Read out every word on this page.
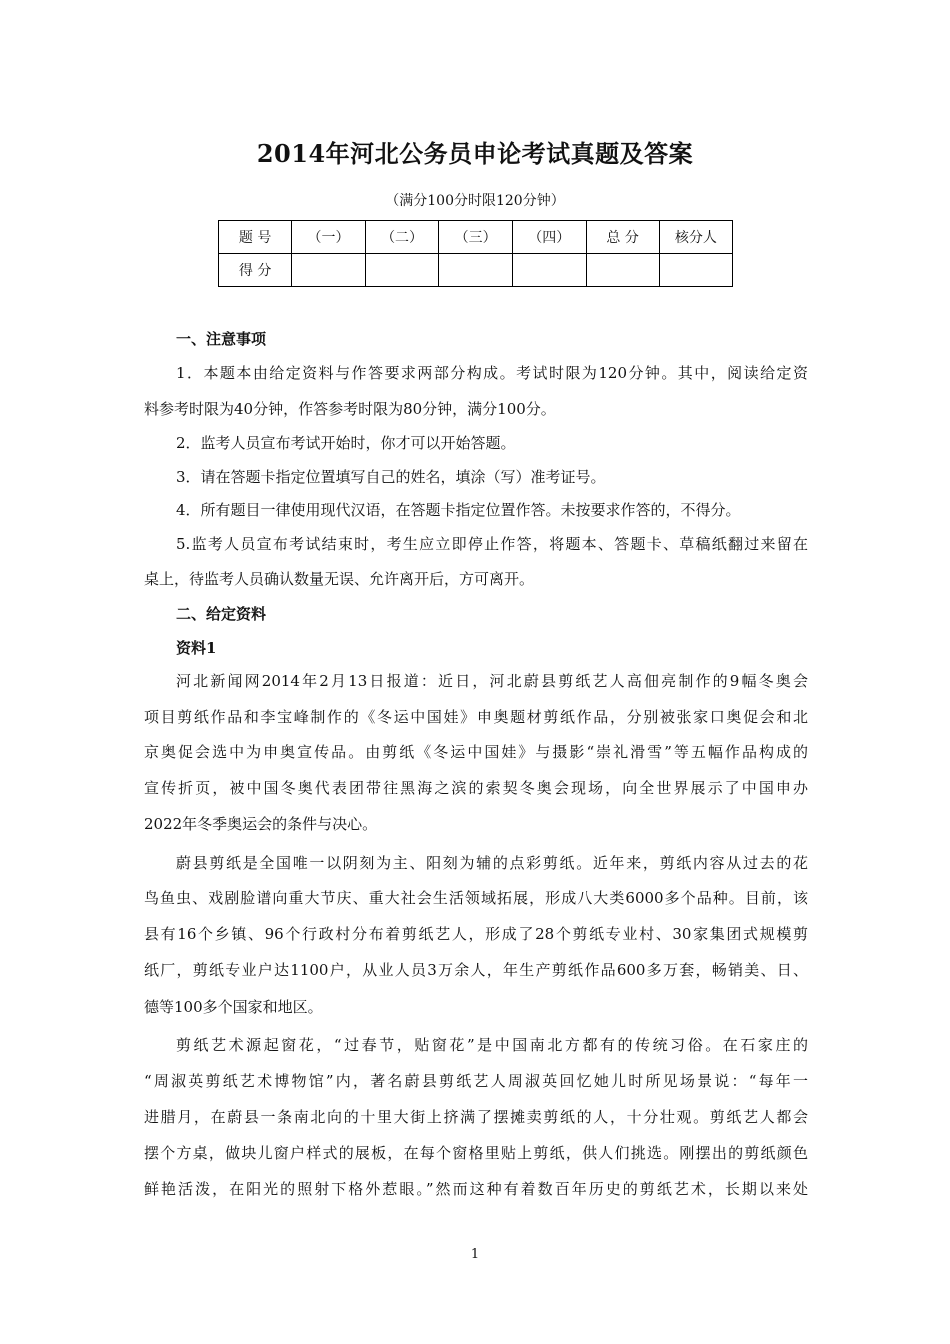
2014年河北公务员申论考试真题及答案
（满分100分时限120分钟）
题 号	（一）	（二）	（三）	（四）	总 分	核分人
得 分						
一、注意事项
1．本题本由给定资料与作答要求两部分构成。考试时限为120分钟。其中，阅读给定资
料参考时限为40分钟，作答参考时限为80分钟，满分100分。
2．监考人员宣布考试开始时，你才可以开始答题。
3．请在答题卡指定位置填写自己的姓名，填涂（写）准考证号。
4．所有题目一律使用现代汉语，在答题卡指定位置作答。未按要求作答的，不得分。
5.监考人员宣布考试结束时，考生应立即停止作答，将题本、答题卡、草稿纸翻过来留在
桌上，待监考人员确认数量无误、允许离开后，方可离开。
二、给定资料
资料1
河北新闻网2014年2月13日报道：近日，河北蔚县剪纸艺人高佃亮制作的9幅冬奥会
项目剪纸作品和李宝峰制作的《冬运中国娃》申奥题材剪纸作品，分别被张家口奥促会和北
京奥促会选中为申奥宣传品。由剪纸《冬运中国娃》与摄影“崇礼滑雪”等五幅作品构成的
宣传折页，被中国冬奥代表团带往黑海之滨的索契冬奥会现场，向全世界展示了中国申办
2022年冬季奥运会的条件与决心。
蔚县剪纸是全国唯一以阴刻为主、阳刻为辅的点彩剪纸。近年来，剪纸内容从过去的花
鸟鱼虫、戏剧脸谱向重大节庆、重大社会生活领域拓展，形成八大类6000多个品种。目前，该
县有16个乡镇、96个行政村分布着剪纸艺人，形成了28个剪纸专业村、30家集团式规模剪
纸厂，剪纸专业户达1100户，从业人员3万余人，年生产剪纸作品600多万套，畅销美、日、
德等100多个国家和地区。
剪纸艺术源起窗花，“过春节，贴窗花”是中国南北方都有的传统习俗。在石家庄的
“周淑英剪纸艺术博物馆”内，著名蔚县剪纸艺人周淑英回忆她儿时所见场景说：“每年一
进腊月，在蔚县一条南北向的十里大街上挤满了摆摊卖剪纸的人，十分壮观。剪纸艺人都会
摆个方桌，做块儿窗户样式的展板，在每个窗格里贴上剪纸，供人们挑选。刚摆出的剪纸颜色
鲜艳活泼，在阳光的照射下格外惹眼。”然而这种有着数百年历史的剪纸艺术，长期以来处
1
